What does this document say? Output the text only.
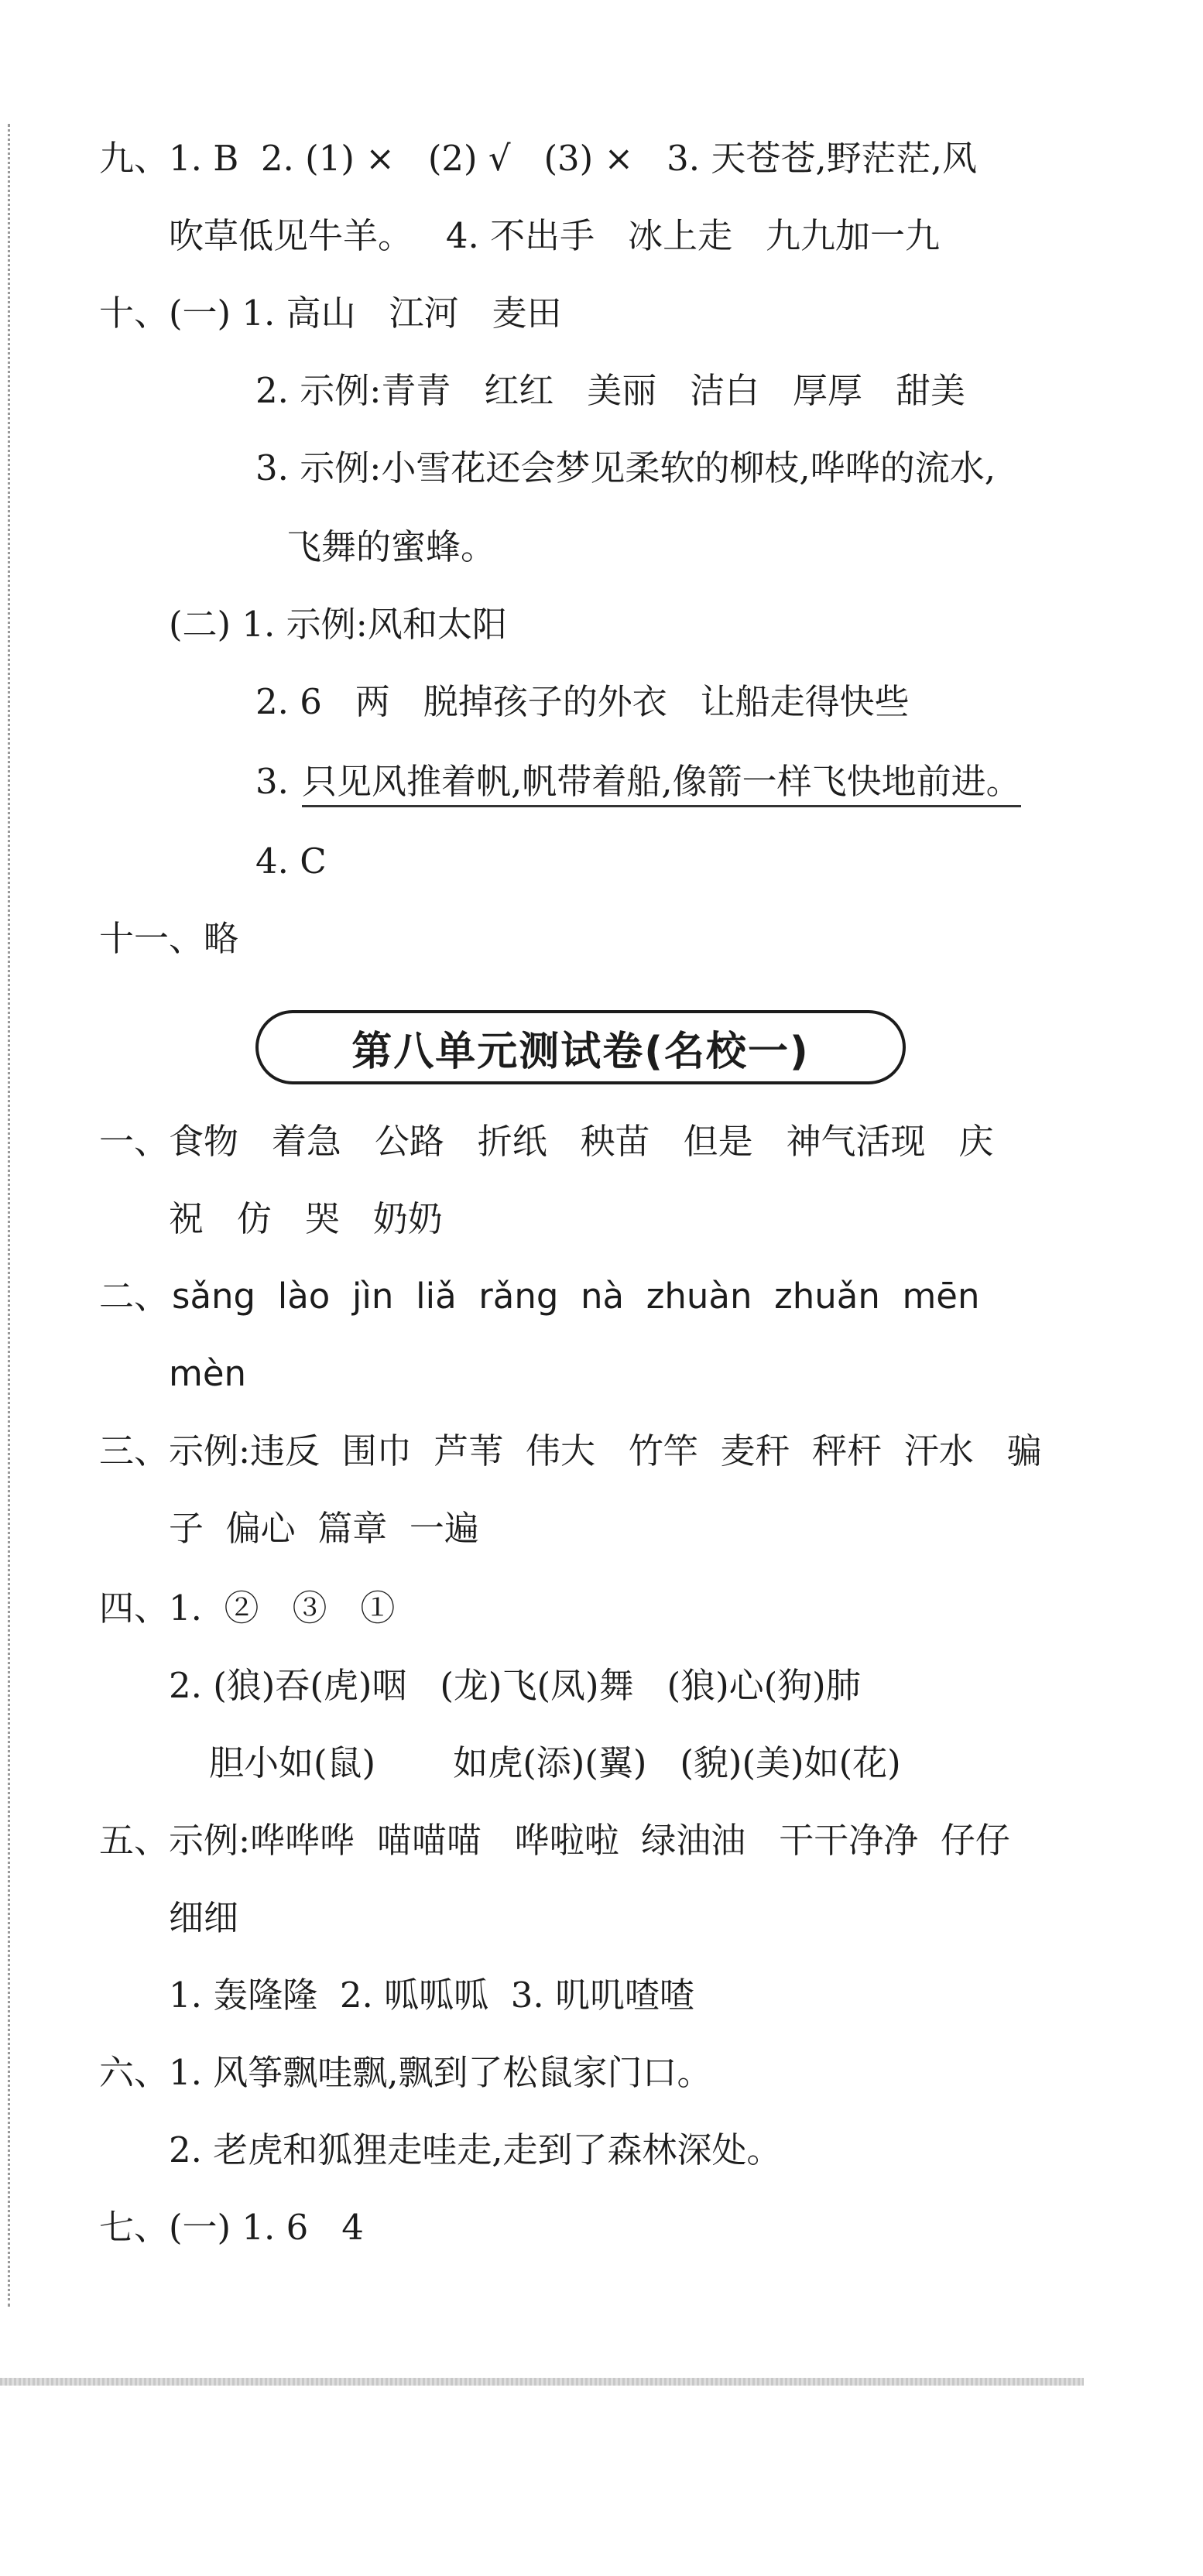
九、1. B  2. (1) ×   (2) √   (3) ×   3. 天苍苍,野茫茫,风
吹草低见牛羊。   4. 不出手   冰上走   九九加一九
十、(一) 1. 高山   江河   麦田
2. 示例:青青   红红   美丽   洁白   厚厚   甜美
3. 示例:小雪花还会梦见柔软的柳枝,哗哗的流水,
飞舞的蜜蜂。
(二) 1. 示例:风和太阳
2. 6   两   脱掉孩子的外衣   让船走得快些
3. 只见风推着帆,帆带着船,像箭一样飞快地前进。
4. C
十一、略
第八单元测试卷(名校一)
一、食物   着急   公路   折纸   秧苗   但是   神气活现   庆
祝   仿   哭   奶奶
二、 sǎng  lào  jìn  liǎ  rǎng  nà  zhuàn  zhuǎn  mēn
mèn
三、示例:违反  围巾  芦苇  伟大   竹竿  麦秆  秤杆  汗水   骗
子  偏心  篇章  一遍
四、1.  ②   ③   ①
2. (狼)吞(虎)咽   (龙)飞(凤)舞   (狼)心(狗)肺
胆小如(鼠)       如虎(添)(翼)   (貌)(美)如(花)
五、示例:哗哗哗  喵喵喵   哗啦啦  绿油油   干干净净  仔仔
细细
1. 轰隆隆  2. 呱呱呱  3. 叽叽喳喳
六、1. 风筝飘哇飘,飘到了松鼠家门口。
2. 老虎和狐狸走哇走,走到了森林深处。
七、(一) 1. 6   4
